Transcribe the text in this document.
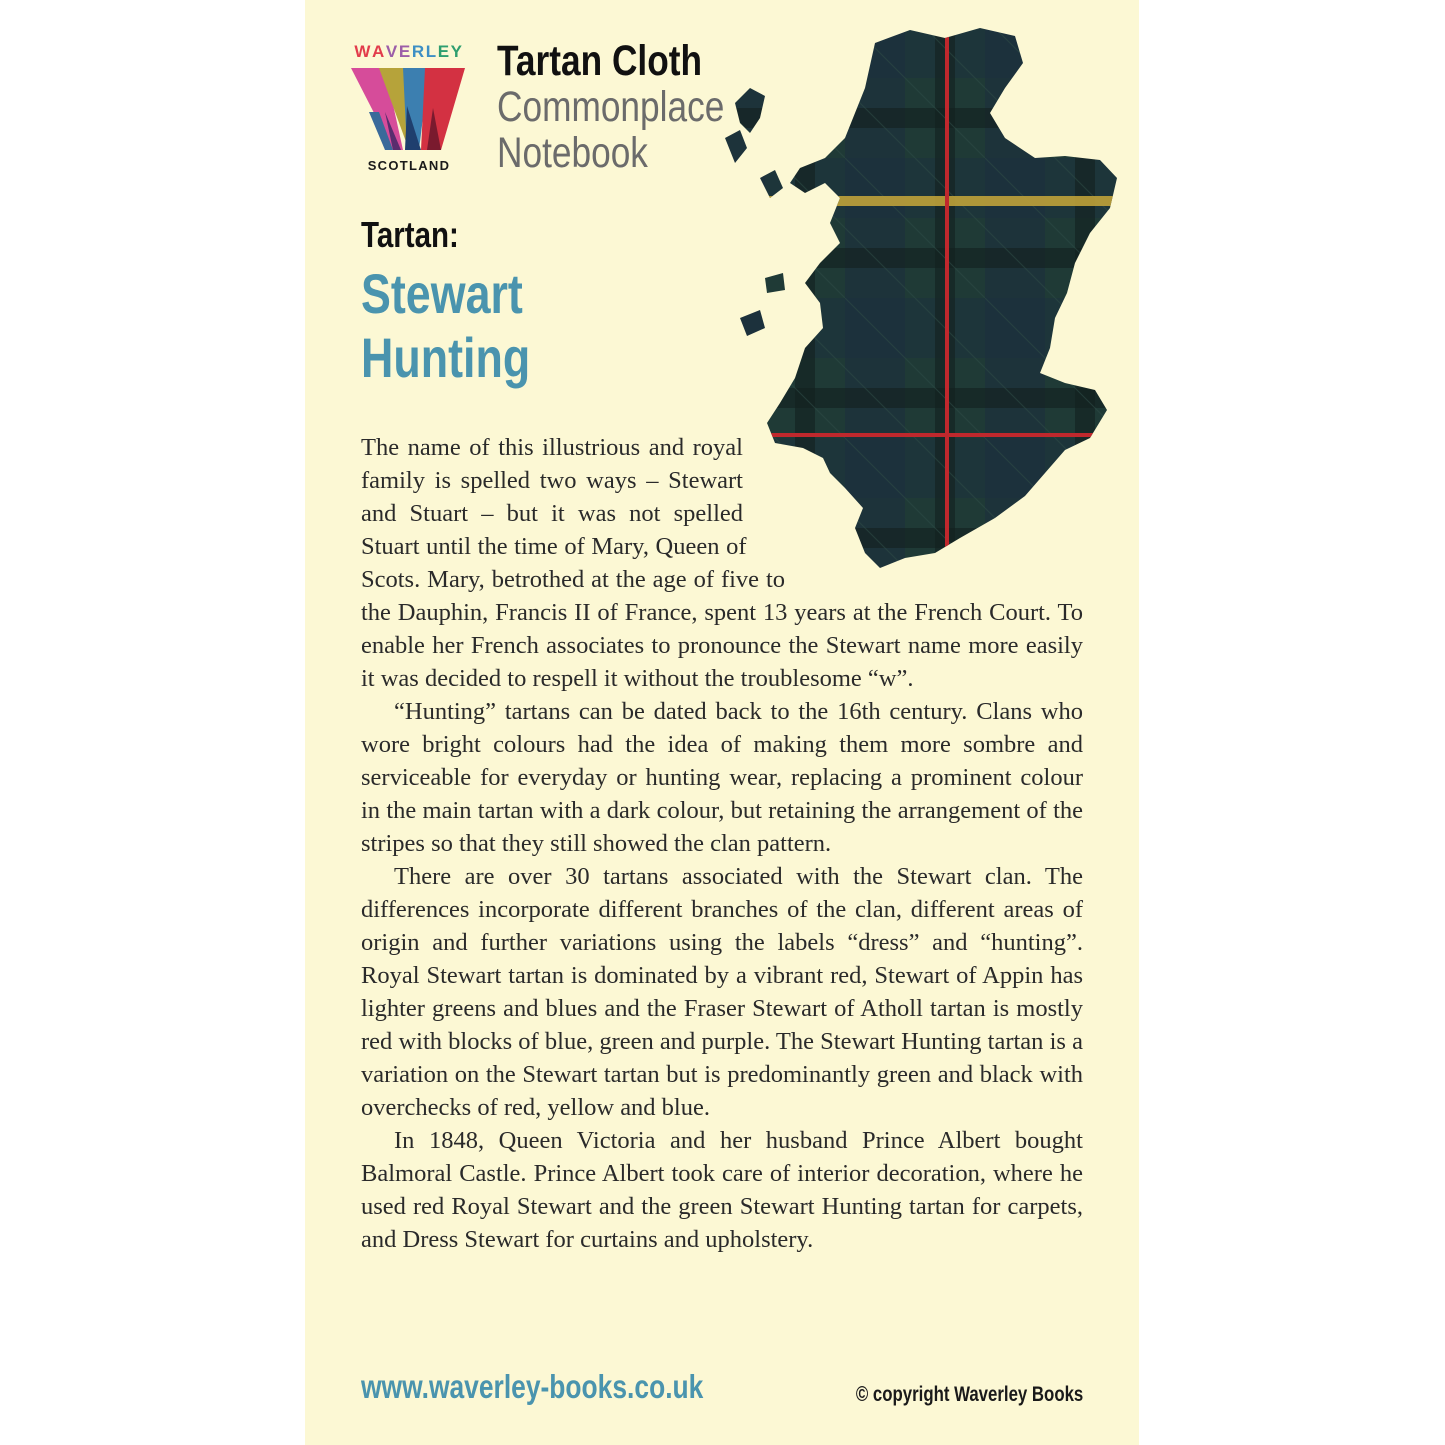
WAVERLEY
SCOTLAND
Tartan Cloth
Commonplace
Notebook
Tartan:
Stewart
Hunting

The name of this illustrious and royal family is spelled two ways – Stewart and Stuart – but it was not spelled Stuart until the time of Mary, Queen of Scots. Mary, betrothed at the age of five to the Dauphin, Francis II of France, spent 13 years at the French Court. To enable her French associates to pronounce the Stewart name more easily it was decided to respell it without the troublesome “w”.

“Hunting” tartans can be dated back to the 16th century. Clans who wore bright colours had the idea of making them more sombre and serviceable for everyday or hunting wear, replacing a prominent colour in the main tartan with a dark colour, but retaining the arrangement of the stripes so that they still showed the clan pattern.

There are over 30 tartans associated with the Stewart clan. The differences incorporate different branches of the clan, different areas of origin and further variations using the labels “dress” and “hunting”. Royal Stewart tartan is dominated by a vibrant red, Stewart of Appin has lighter greens and blues and the Fraser Stewart of Atholl tartan is mostly red with blocks of blue, green and purple. The Stewart Hunting tartan is a variation on the Stewart tartan but is predominantly green and black with overchecks of red, yellow and blue.

In 1848, Queen Victoria and her husband Prince Albert bought Balmoral Castle. Prince Albert took care of interior decoration, where he used red Royal Stewart and the green Stewart Hunting tartan for carpets, and Dress Stewart for curtains and upholstery.

www.waverley-books.co.uk	© copyright Waverley Books
